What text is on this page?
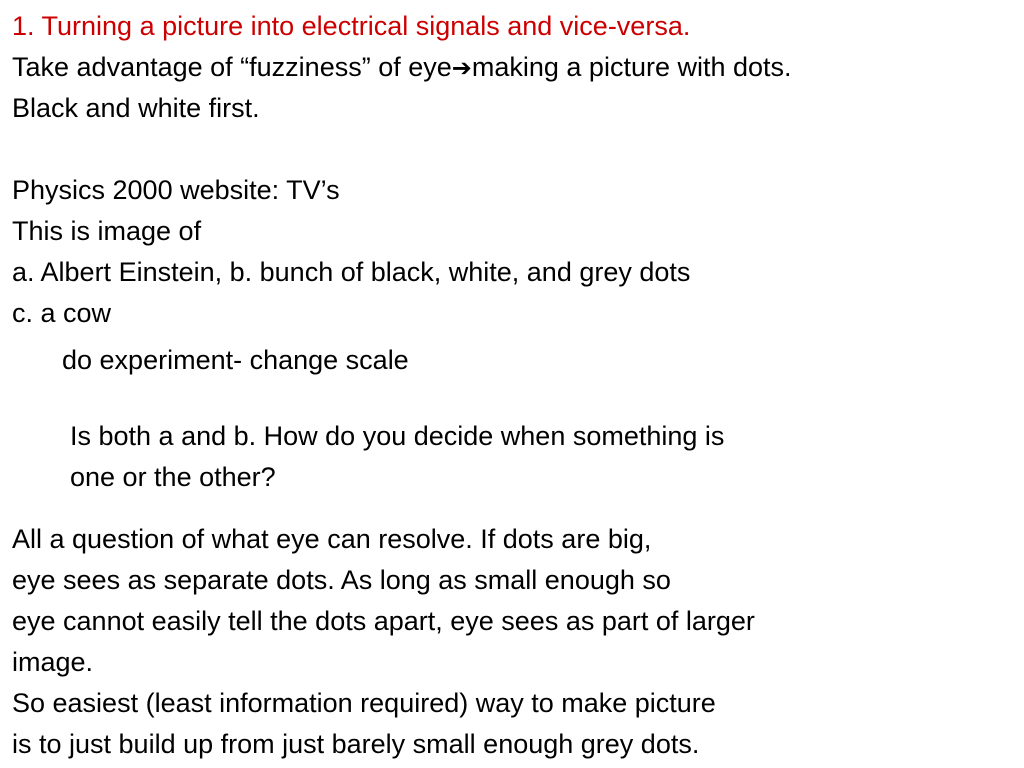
1. Turning a picture into electrical signals and vice-versa.
Take advantage of “fuzziness” of eye➔making a picture with dots.
Black and white first.
Physics 2000 website: TV’s
This is image of
a. Albert Einstein, b. bunch of black, white, and grey dots
c. a cow
do experiment- change scale
Is both a and b. How do you decide when something is
one or the other?
All a question of what eye can resolve. If dots are big,
eye sees as separate dots. As long as small enough so
eye cannot easily tell the dots apart, eye sees as part of larger
image.
So easiest (least information required) way to make picture
is to just build up from just barely small enough grey dots.
